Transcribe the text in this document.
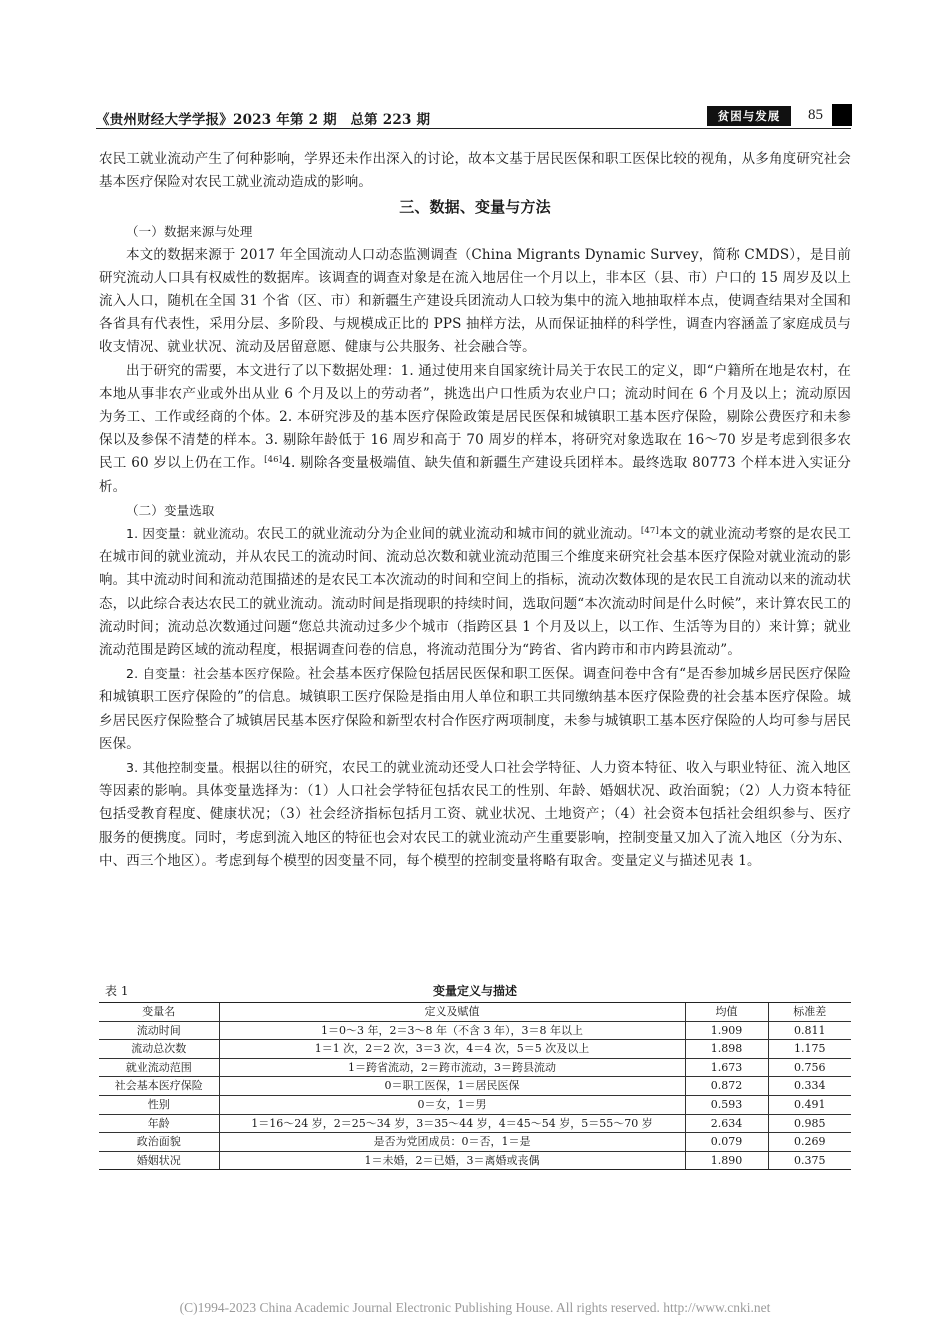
《贵州财经大学学报》2023 年第 2 期　总第 223 期	贫困与发展	85

农民工就业流动产生了何种影响，学界还未作出深入的讨论，故本文基于居民医保和职工医保比较的视角，从多角度研究社会基本医疗保险对农民工就业流动造成的影响。

三、数据、变量与方法

（一）数据来源与处理

本文的数据来源于 2017 年全国流动人口动态监测调查（China Migrants Dynamic Survey，简称 CMDS），是目前研究流动人口具有权威性的数据库。该调查的调查对象是在流入地居住一个月以上，非本区（县、市）户口的 15 周岁及以上流入人口，随机在全国 31 个省（区、市）和新疆生产建设兵团流动人口较为集中的流入地抽取样本点，使调查结果对全国和各省具有代表性，采用分层、多阶段、与规模成正比的 PPS 抽样方法，从而保证抽样的科学性，调查内容涵盖了家庭成员与收支情况、就业状况、流动及居留意愿、健康与公共服务、社会融合等。

出于研究的需要，本文进行了以下数据处理：1. 通过使用来自国家统计局关于农民工的定义，即“户籍所在地是农村，在本地从事非农产业或外出从业 6 个月及以上的劳动者”，挑选出户口性质为农业户口；流动时间在 6 个月及以上；流动原因为务工、工作或经商的个体。2. 本研究涉及的基本医疗保险政策是居民医保和城镇职工基本医疗保险，剔除公费医疗和未参保以及参保不清楚的样本。3. 剔除年龄低于 16 周岁和高于 70 周岁的样本，将研究对象选取在 16～70 岁是考虑到很多农民工 60 岁以上仍在工作。[46]4. 剔除各变量极端值、缺失值和新疆生产建设兵团样本。最终选取 80773 个样本进入实证分析。

（二）变量选取

1. 因变量：就业流动。农民工的就业流动分为企业间的就业流动和城市间的就业流动。[47]本文的就业流动考察的是农民工在城市间的就业流动，并从农民工的流动时间、流动总次数和就业流动范围三个维度来研究社会基本医疗保险对就业流动的影响。其中流动时间和流动范围描述的是农民工本次流动的时间和空间上的指标，流动次数体现的是农民工自流动以来的流动状态，以此综合表达农民工的就业流动。流动时间是指现职的持续时间，选取问题“本次流动时间是什么时候”，来计算农民工的流动时间；流动总次数通过问题“您总共流动过多少个城市（指跨区县 1 个月及以上，以工作、生活等为目的）来计算；就业流动范围是跨区域的流动程度，根据调查问卷的信息，将流动范围分为“跨省、省内跨市和市内跨县流动”。

2. 自变量：社会基本医疗保险。社会基本医疗保险包括居民医保和职工医保。调查问卷中含有“是否参加城乡居民医疗保险和城镇职工医疗保险的”的信息。城镇职工医疗保险是指由用人单位和职工共同缴纳基本医疗保险费的社会基本医疗保险。城乡居民医疗保险整合了城镇居民基本医疗保险和新型农村合作医疗两项制度，未参与城镇职工基本医疗保险的人均可参与居民医保。

3. 其他控制变量。根据以往的研究，农民工的就业流动还受人口社会学特征、人力资本特征、收入与职业特征、流入地区等因素的影响。具体变量选择为：（1）人口社会学特征包括农民工的性别、年龄、婚姻状况、政治面貌；（2）人力资本特征包括受教育程度、健康状况；（3）社会经济指标包括月工资、就业状况、土地资产；（4）社会资本包括社会组织参与、医疗服务的便携度。同时，考虑到流入地区的特征也会对农民工的就业流动产生重要影响，控制变量又加入了流入地区（分为东、中、西三个地区）。考虑到每个模型的因变量不同，每个模型的控制变量将略有取舍。变量定义与描述见表 1。

表 1	变量定义与描述
变量名	定义及赋值	均值	标准差
流动时间	1＝0～3 年，2＝3～8 年（不含 3 年），3＝8 年以上	1.909	0.811
流动总次数	1＝1 次，2＝2 次，3＝3 次，4＝4 次，5＝5 次及以上	1.898	1.175
就业流动范围	1＝跨省流动，2＝跨市流动，3＝跨县流动	1.673	0.756
社会基本医疗保险	0＝职工医保，1＝居民医保	0.872	0.334
性别	0＝女，1＝男	0.593	0.491
年龄	1＝16～24 岁，2＝25～34 岁，3＝35～44 岁，4＝45～54 岁，5＝55～70 岁	2.634	0.985
政治面貌	是否为党团成员：0＝否，1＝是	0.079	0.269
婚姻状况	1＝未婚，2＝已婚，3＝离婚或丧偶	1.890	0.375
(C)1994-2023 China Academic Journal Electronic Publishing House. All rights reserved. http://www.cnki.net
